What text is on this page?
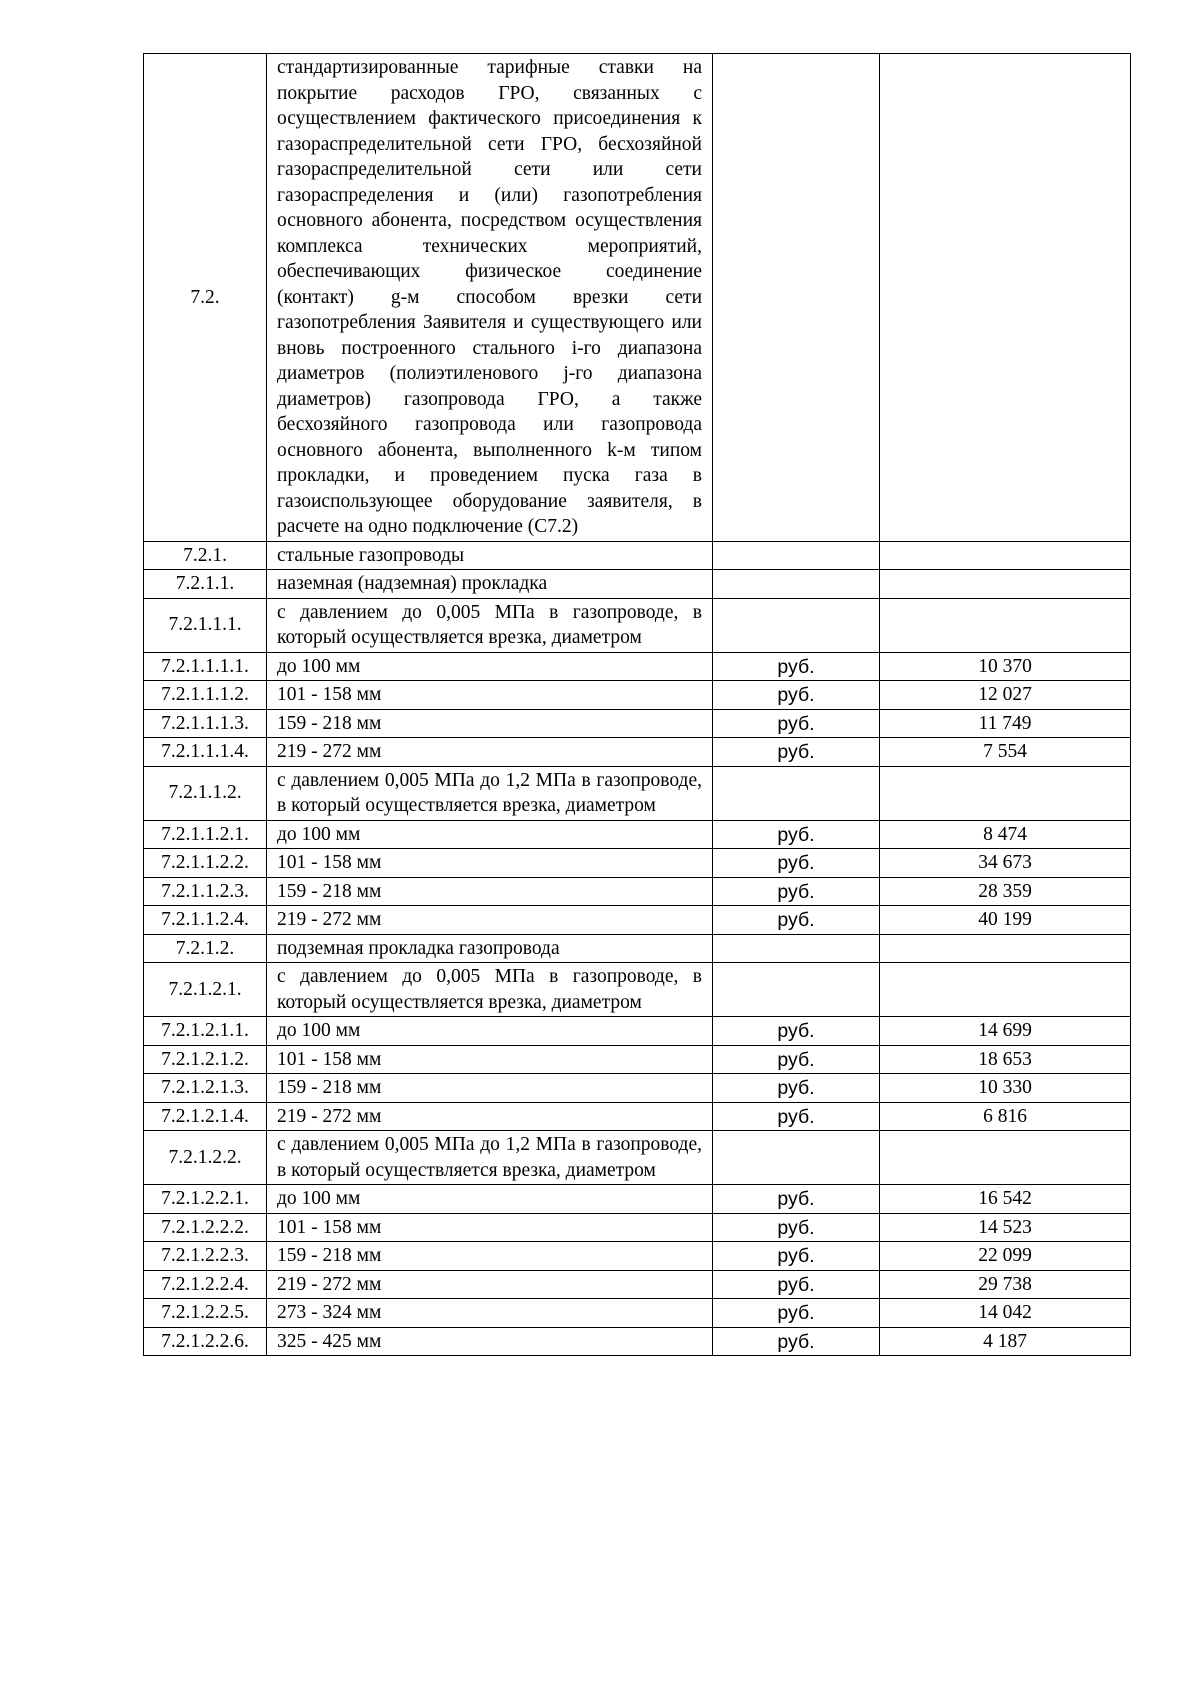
7.2.	стандартизированные тарифные ставки на покрытие расходов ГРО, связанных с осуществлением фактического присоединения к газораспределительной сети ГРО, бесхозяйной газораспределительной сети или сети газораспределения и (или) газопотребления основного абонента, посредством осуществления комплекса технических мероприятий, обеспечивающих физическое соединение (контакт) g-м способом врезки сети газопотребления Заявителя и существующего или вновь построенного стального i-го диапазона диаметров (полиэтиленового j-го диапазона диаметров) газопровода ГРО, а также бесхозяйного газопровода или газопровода основного абонента, выполненного k-м типом прокладки, и проведением пуска газа в газоиспользующее оборудование заявителя, в расчете на одно подключение (С7.2)		
7.2.1.	стальные газопроводы		
7.2.1.1.	наземная (надземная) прокладка		
7.2.1.1.1.	с давлением до 0,005 МПа в газопроводе, в который осуществляется врезка, диаметром		
7.2.1.1.1.1.	до 100 мм	руб.	10 370
7.2.1.1.1.2.	101 - 158 мм	руб.	12 027
7.2.1.1.1.3.	159 - 218 мм	руб.	11 749
7.2.1.1.1.4.	219 - 272 мм	руб.	7 554
7.2.1.1.2.	с давлением 0,005 МПа до 1,2 МПа в газопроводе, в который осуществляется врезка, диаметром		
7.2.1.1.2.1.	до 100 мм	руб.	8 474
7.2.1.1.2.2.	101 - 158 мм	руб.	34 673
7.2.1.1.2.3.	159 - 218 мм	руб.	28 359
7.2.1.1.2.4.	219 - 272 мм	руб.	40 199
7.2.1.2.	подземная прокладка газопровода		
7.2.1.2.1.	с давлением до 0,005 МПа в газопроводе, в который осуществляется врезка, диаметром		
7.2.1.2.1.1.	до 100 мм	руб.	14 699
7.2.1.2.1.2.	101 - 158 мм	руб.	18 653
7.2.1.2.1.3.	159 - 218 мм	руб.	10 330
7.2.1.2.1.4.	219 - 272 мм	руб.	6 816
7.2.1.2.2.	с давлением 0,005 МПа до 1,2 МПа в газопроводе, в который осуществляется врезка, диаметром		
7.2.1.2.2.1.	до 100 мм	руб.	16 542
7.2.1.2.2.2.	101 - 158 мм	руб.	14 523
7.2.1.2.2.3.	159 - 218 мм	руб.	22 099
7.2.1.2.2.4.	219 - 272 мм	руб.	29 738
7.2.1.2.2.5.	273 - 324 мм	руб.	14 042
7.2.1.2.2.6.	325 - 425 мм	руб.	4 187
